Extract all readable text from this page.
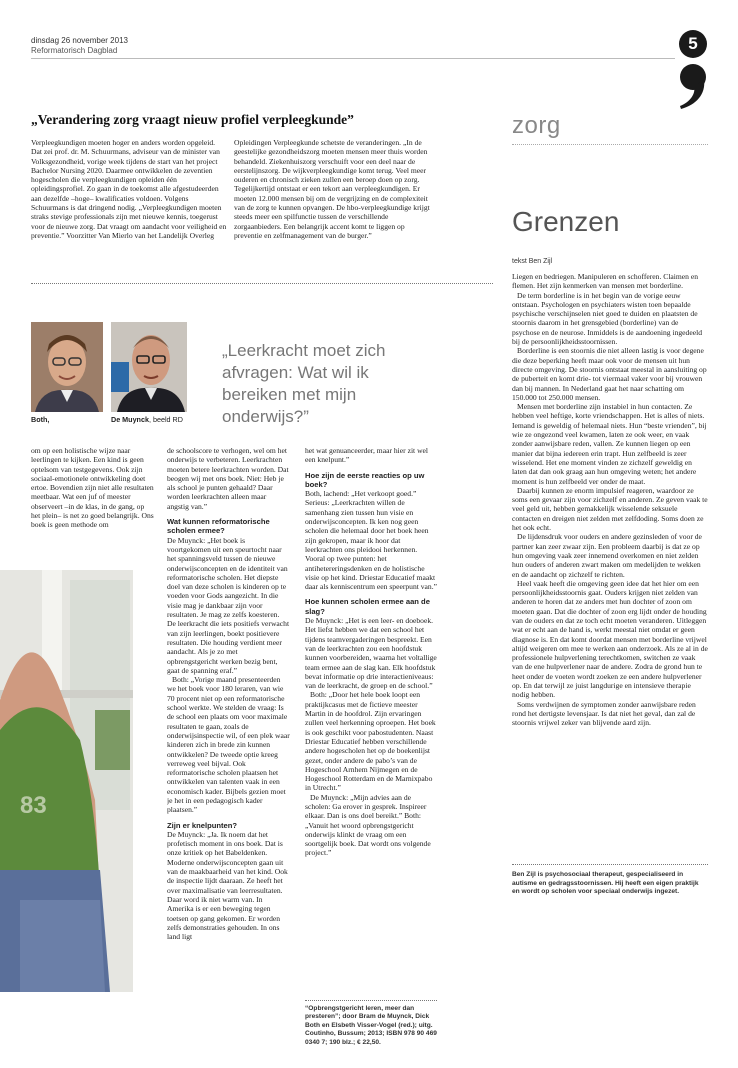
dinsdag 26 november 2013
Reformatorisch Dagblad	5
„Verandering zorg vraagt nieuw profiel verpleegkunde”
Verpleegkundigen moeten hoger en anders worden opgeleid. Dat zei prof. dr. M. Schuurmans, adviseur van de minister van Volksgezondheid, vorige week tijdens de start van het project Bachelor Nursing 2020. Daarmee ontwikkelen de zeventien hogescholen die verpleegkundigen opleiden één opleidingsprofiel. Zo gaan in de toekomst alle afgestudeerden aan dezelfde –hoge– kwalificaties voldoen. Volgens Schuurmans is dat dringend nodig. „Verpleegkundigen moeten straks stevige professionals zijn met nieuwe kennis, toegerust voor de nieuwe zorg. Dat vraagt om aandacht voor veiligheid en preventie.” Voorzitter Van Mierlo van het Landelijk Overleg
Opleidingen Verpleegkunde schetste de veranderingen. „In de geestelijke gezondheidszorg moeten mensen meer thuis worden behandeld. Ziekenhuiszorg verschuift voor een deel naar de eerstelijnszorg. De wijkverpleegkundige komt terug. Veel meer ouderen en chronisch zieken zullen een beroep doen op zorg. Tegelijkertijd ontstaat er een tekort aan verpleegkundigen. Er moeten 12.000 mensen bij om de vergrijzing en de complexiteit van de zorg te kunnen opvangen. De hbo-verpleegkundige krijgt steeds meer een spilfunctie tussen de verschillende zorgaanbieders. Een belangrijk accent komt te liggen op preventie en zelfmanagement van de burger.”
Both,	De Muynck, beeld RD
„Leerkracht moet zich afvragen: Wat wil ik bereiken met mijn onderwijs?”
83

om op een holistische wijze naar leerlingen te kijken. Een kind is geen optelsom van testgegevens. Ook zijn sociaal-emotionele ontwikkeling doet ertoe. Bovendien zijn niet alle resultaten meetbaar. Wat een juf of meester observeert –in de klas, in de gang, op het plein– is net zo goed belangrijk. Ons boek is geen methode om

de schoolscore te verhogen, wel om het onderwijs te verbeteren. Leerkrachten moeten betere leerkrachten worden. Dat beogen wij met ons boek. Niet: Heb je als school je punten gehaald? Daar worden leerkrachten alleen maar angstig van.”

Wat kunnen reformatorische scholen ermee?

De Muynck: „Het boek is voortgekomen uit een speurtocht naar het spanningsveld tussen de nieuwe onderwijsconcepten en de identiteit van reformatorische scholen. Het diepste doel van deze scholen is kinderen op te voeden voor Gods aangezicht. In die visie mag je dankbaar zijn voor resultaten. Je mag ze zelfs koesteren. De leerkracht die iets positiefs verwacht van zijn leerlingen, boekt positievere resultaten. Die houding verdient meer aandacht. Als je zo met opbrengstgericht werken bezig bent, gaat de spanning eraf.”

Both: „Vorige maand presenteerden we het boek voor 180 leraren, van wie 70 procent niet op een reformatorische school werkte. We stelden de vraag: Is de school een plaats om voor maximale resultaten te gaan, zoals de onderwijsinspectie wil, of een plek waar kinderen zich in brede zin kunnen ontwikkelen? De tweede optie kreeg verreweg veel bijval. Ook reformatorische scholen plaatsen het ontwikkelen van talenten vaak in een economisch kader. Bijbels gezien moet je het in een pedagogisch kader plaatsen.”

Zijn er knelpunten?

De Muynck: „Ja. Ik noem dat het profetisch moment in ons boek. Dat is onze kritiek op het Babeldenken. Moderne onderwijsconcepten gaan uit van de maakbaarheid van het kind. Ook de inspectie lijdt daaraan. Ze heeft het over maximalisatie van leerresultaten. Daar word ik niet warm van. In Amerika is er een beweging tegen toetsen op gang gekomen. Er worden zelfs demonstraties gehouden. In ons land ligt

het wat genuanceerder, maar hier zit wel een knelpunt.”

Hoe zijn de eerste reacties op uw boek?

Both, lachend: „Het verkoopt goed.” Serieus: „Leerkrachten willen de samenhang zien tussen hun visie en onderwijsconcepten. Ik ken nog geen scholen die helemaal door het boek heen zijn gekropen, maar ik hoor dat leerkrachten ons pleidooi herkennen. Vooral op twee punten: het antihetereringsdenken en de holistische visie op het kind. Driestar Educatief maakt daar als kenniscentrum een speerpunt van.”

Hoe kunnen scholen ermee aan de slag?

De Muynck: „Het is een leer- en doeboek. Het liefst hebben we dat een school het tijdens teamvergaderingen bespreekt. Een van de leerkrachten zou een hoofdstuk kunnen voorbereiden, waarna het voltallige team ermee aan de slag kan. Elk hoofdstuk bevat informatie op drie interactieniveaus: van de leerkracht, de groep en de school.”

Both: „Door het hele boek loopt een praktijkcasus met de fictieve meester Martin in de hoofdrol. Zijn ervaringen zullen veel herkenning oproepen. Het boek is ook geschikt voor pabostudenten. Naast Driestar Educatief hebben verschillende andere hogescholen het op de boekenlijst gezet, onder andere de pabo’s van de Hogeschool Arnhem Nijmegen en de Hogeschool Rotterdam en de Marnixpabo in Utrecht.”

De Muynck: „Mijn advies aan de scholen: Ga erover in gesprek. Inspireer elkaar. Dan is ons doel bereikt.” Both: „Vanuit het woord opbrengstgericht onderwijs klinkt de vraag om een soortgelijk boek. Dat wordt ons volgende project.”

“Opbrengstgericht leren, meer dan presteren”; door Bram de Muynck, Dick Both en Elsbeth Visser-Vogel (red.); uitg. Coutinho, Bussum; 2013; ISBN 978 90 469 0340 7; 190 blz.; € 22,50.
zorg
Grenzen
tekst Ben Zijl

Liegen en bedriegen. Manipuleren en schofferen. Claimen en flemen. Het zijn kenmerken van mensen met borderline.

De term borderline is in het begin van de vorige eeuw ontstaan. Psychologen en psychiaters wisten toen bepaalde psychische verschijnselen niet goed te duiden en plaatsten de stoornis daarom in het grensgebied (borderline) van de psychose en de neurose. Inmiddels is de aandoening ingedeeld bij de persoonlijkheidsstoornissen.

Borderline is een stoornis die niet alleen lastig is voor degene die deze beperking heeft maar ook voor de mensen uit hun directe omgeving. De stoornis ontstaat meestal in aansluiting op de puberteit en komt drie- tot viermaal vaker voor bij vrouwen dan bij mannen. In Nederland gaat het naar schatting om 150.000 tot 250.000 mensen.

Mensen met borderline zijn instabiel in hun contacten. Ze hebben veel heftige, korte vriendschappen. Het is alles of niets. Iemand is geweldig of helemaal niets. Hun “beste vrienden”, bij wie ze ongezond veel kwamen, laten ze ook weer, en vaak zonder aanwijsbare reden, vallen. Ze kunnen liegen op een manier dat bijna iedereen erin trapt. Hun zelfbeeld is zeer wisselend. Het ene moment vinden ze zichzelf geweldig en laten dat dan ook graag aan hun omgeving weten; het andere moment is hun zelfbeeld ver onder de maat.

Daarbij kunnen ze enorm impulsief reageren, waardoor ze soms een gevaar zijn voor zichzelf en anderen. Ze geven vaak te veel geld uit, hebben gemakkelijk wisselende seksuele contacten en dreigen niet zelden met zelfdoding. Soms doen ze het ook echt.

De lijdensdruk voor ouders en andere gezinsleden of voor de partner kan zeer zwaar zijn. Een probleem daarbij is dat ze op hun omgeving vaak zeer innemend overkomen en niet zelden hun ouders of anderen zwart maken om medelijden te wekken en de aandacht op zichzelf te richten.

Heel vaak heeft die omgeving geen idee dat het hier om een persoonlijkheidsstoornis gaat. Ouders krijgen niet zelden van anderen te horen dat ze anders met hun dochter of zoon om moeten gaan. Dat die dochter of zoon erg lijdt onder de houding van de ouders en dat ze toch echt moeten veranderen. Uitleggen wat er echt aan de hand is, werkt meestal niet omdat er geen diagnose is. En dat komt doordat mensen met borderline vrijwel altijd weigeren om mee te werken aan onderzoek. Als ze al in de professionele hulpverlening terechtkomen, switchen ze vaak van de ene hulpverlener naar de andere. Zodra de grond hun te heet onder de voeten wordt zoeken ze een andere hulpverlener op. En dat terwijl ze juist langdurige en intensieve therapie nodig hebben.

Soms verdwijnen de symptomen zonder aanwijsbare reden rond het dertigste levensjaar. Is dat niet het geval, dan zal de stoornis vrijwel zeker van blijvende aard zijn.

Ben Zijl is psychosociaal therapeut, gespecialiseerd in autisme en gedragsstoornissen. Hij heeft een eigen praktijk en wordt op scholen voor speciaal onderwijs ingezet.
